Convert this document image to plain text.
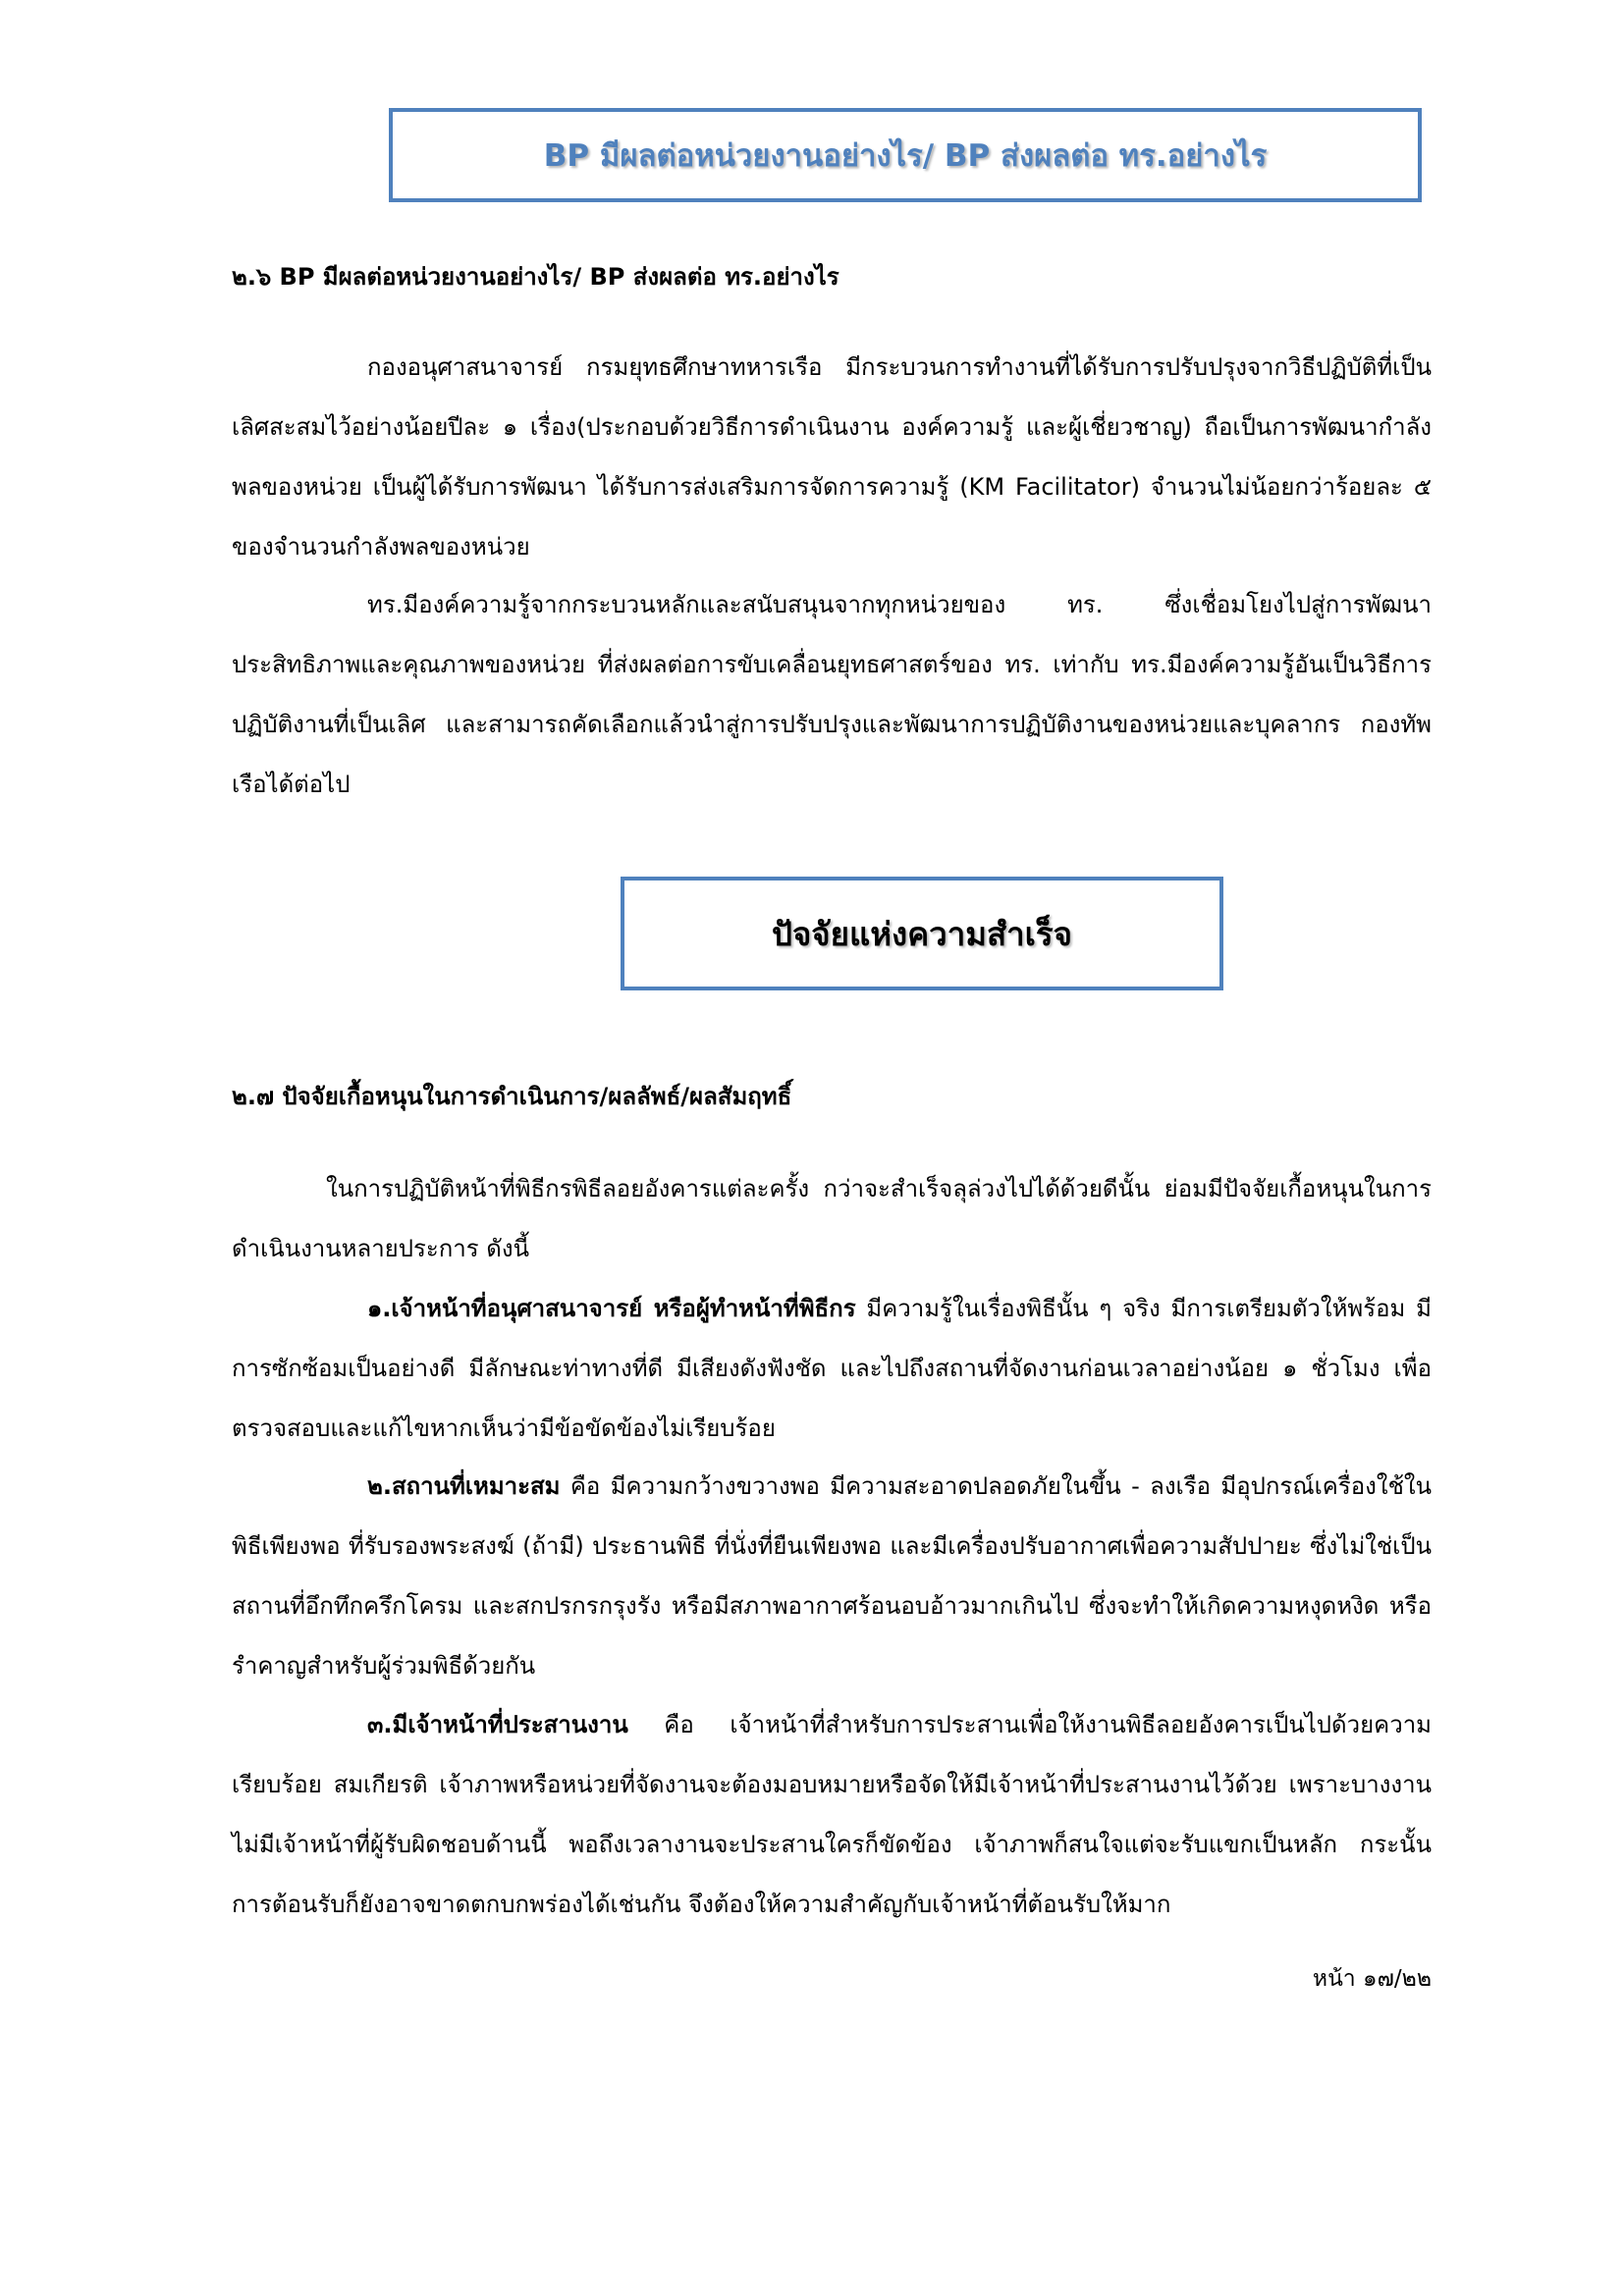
BP มีผลต่อหน่วยงานอย่างไร/ BP ส่งผลต่อ ทร.อย่างไร
๒.๖ BP มีผลต่อหน่วยงานอย่างไร/ BP ส่งผลต่อ ทร.อย่างไร
กองอนุศาสนาจารย์ กรมยุทธศึกษาทหารเรือ มีกระบวนการทำงานที่ได้รับการปรับปรุงจากวิธีปฏิบัติที่เป็นเลิศสะสมไว้อย่างน้อยปีละ ๑ เรื่อง(ประกอบด้วยวิธีการดำเนินงาน องค์ความรู้ และผู้เชี่ยวชาญ) ถือเป็นการพัฒนากำลังพลของหน่วย เป็นผู้ได้รับการพัฒนา ได้รับการส่งเสริมการจัดการความรู้ (KM Facilitator) จำนวนไม่น้อยกว่าร้อยละ ๕ ของจำนวนกำลังพลของหน่วย
ทร.มีองค์ความรู้จากกระบวนหลักและสนับสนุนจากทุกหน่วยของ ทร. ซึ่งเชื่อมโยงไปสู่การพัฒนาประสิทธิภาพและคุณภาพของหน่วย ที่ส่งผลต่อการขับเคลื่อนยุทธศาสตร์ของ ทร. เท่ากับ ทร.มีองค์ความรู้อันเป็นวิธีการปฏิบัติงานที่เป็นเลิศ และสามารถคัดเลือกแล้วนำสู่การปรับปรุงและพัฒนาการปฏิบัติงานของหน่วยและบุคลากร กองทัพเรือได้ต่อไป
ปัจจัยแห่งความสำเร็จ
๒.๗ ปัจจัยเกื้อหนุนในการดำเนินการ/ผลลัพธ์/ผลสัมฤทธิ์
ในการปฏิบัติหน้าที่พิธีกรพิธีลอยอังคารแต่ละครั้ง กว่าจะสำเร็จลุล่วงไปได้ด้วยดีนั้น ย่อมมีปัจจัยเกื้อหนุนในการดำเนินงานหลายประการ ดังนี้
๑.เจ้าหน้าที่อนุศาสนาจารย์ หรือผู้ทำหน้าที่พิธีกร มีความรู้ในเรื่องพิธีนั้น ๆ จริง มีการเตรียมตัวให้พร้อม มีการซักซ้อมเป็นอย่างดี มีลักษณะท่าทางที่ดี มีเสียงดังฟังชัด และไปถึงสถานที่จัดงานก่อนเวลาอย่างน้อย ๑ ชั่วโมง เพื่อตรวจสอบและแก้ไขหากเห็นว่ามีข้อขัดข้องไม่เรียบร้อย
๒.สถานที่เหมาะสม คือ มีความกว้างขวางพอ มีความสะอาดปลอดภัยในขึ้น - ลงเรือ มีอุปกรณ์เครื่องใช้ในพิธีเพียงพอ ที่รับรองพระสงฆ์ (ถ้ามี) ประธานพิธี ที่นั่งที่ยืนเพียงพอ และมีเครื่องปรับอากาศเพื่อความสัปปายะ ซึ่งไม่ใช่เป็นสถานที่อึกทึกครึกโครม และสกปรกรกรุงรัง หรือมีสภาพอากาศร้อนอบอ้าวมากเกินไป ซึ่งจะทำให้เกิดความหงุดหงิด หรือรำคาญสำหรับผู้ร่วมพิธีด้วยกัน
๓.มีเจ้าหน้าที่ประสานงาน คือ เจ้าหน้าที่สำหรับการประสานเพื่อให้งานพิธีลอยอังคารเป็นไปด้วยความเรียบร้อย สมเกียรติ เจ้าภาพหรือหน่วยที่จัดงานจะต้องมอบหมายหรือจัดให้มีเจ้าหน้าที่ประสานงานไว้ด้วย เพราะบางงานไม่มีเจ้าหน้าที่ผู้รับผิดชอบด้านนี้ พอถึงเวลางานจะประสานใครก็ขัดข้อง เจ้าภาพก็สนใจแต่จะรับแขกเป็นหลัก กระนั้น การต้อนรับก็ยังอาจขาดตกบกพร่องได้เช่นกัน จึงต้องให้ความสำคัญกับเจ้าหน้าที่ต้อนรับให้มาก
หน้า ๑๗/๒๒
